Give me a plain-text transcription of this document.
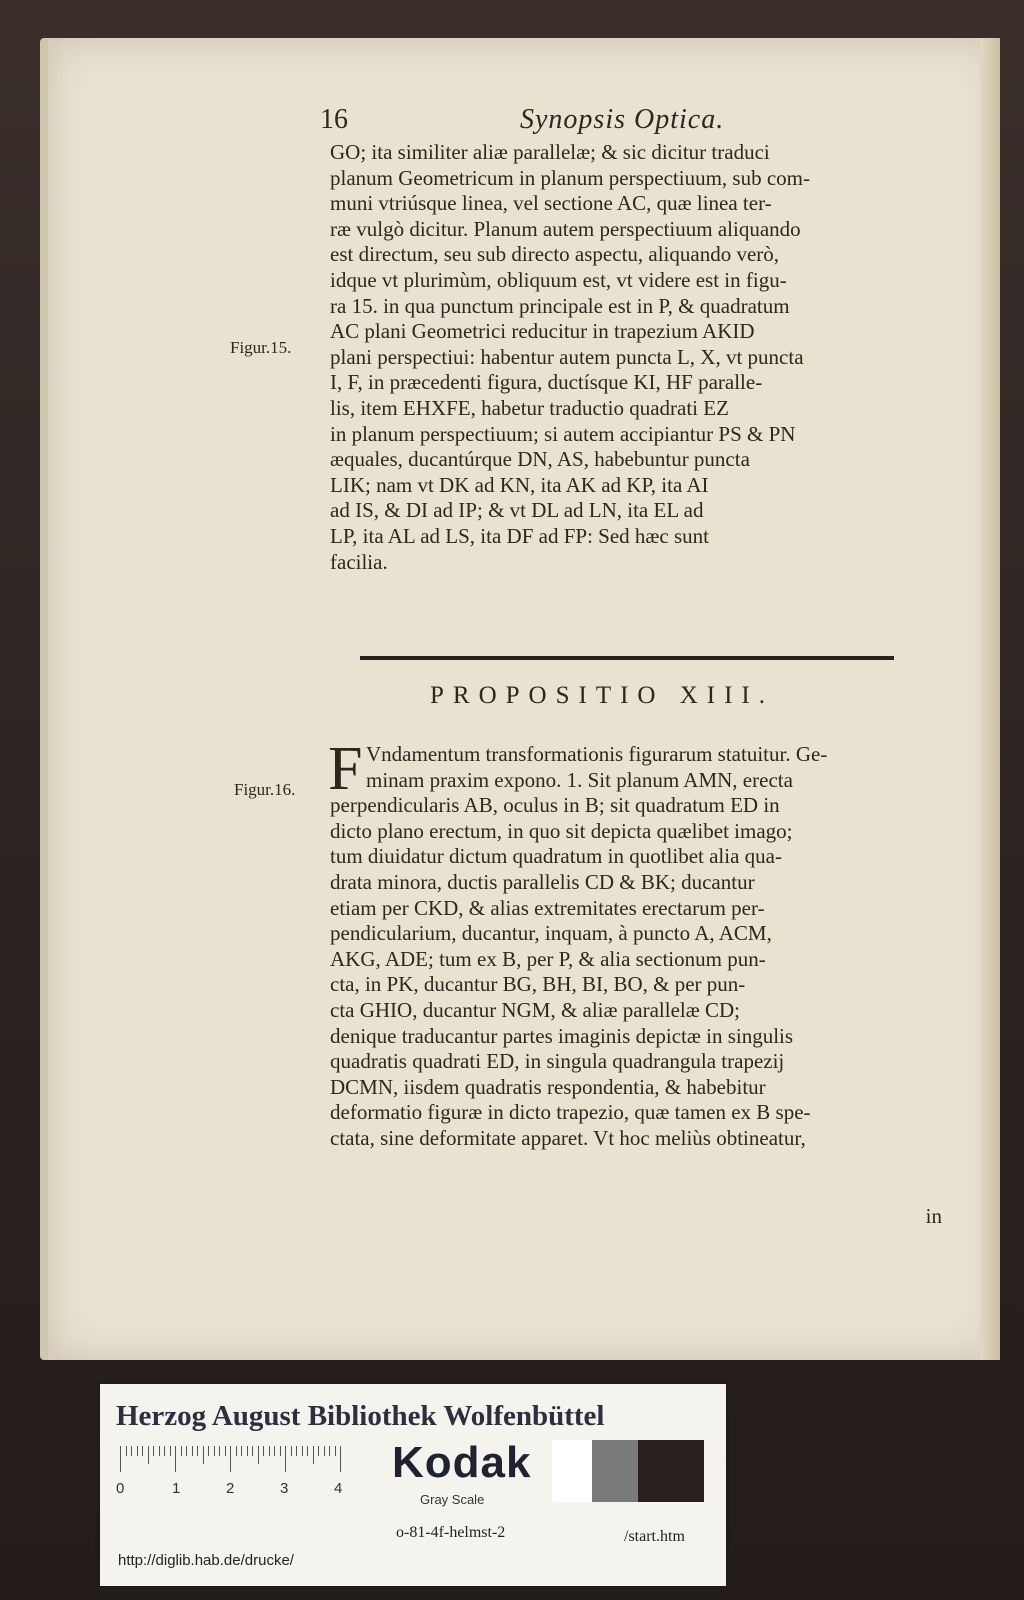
16	Synopsis Optica.
Figur.15.
Figur.16.
GO; ita similiter aliæ parallelæ; & sic dicitur traduci
planum Geometricum in planum perspectiuum, sub com-
muni vtriúsque linea, vel sectione AC, quæ linea ter-
ræ vulgò dicitur. Planum autem perspectiuum aliquando
est directum, seu sub directo aspectu, aliquando verò,
idque vt plurimùm, obliquum est, vt videre est in figu-
ra 15. in qua punctum principale est in P, & quadratum
AC plani Geometrici reducitur in trapezium AKID
plani perspectiui: habentur autem puncta L, X, vt puncta
I, F, in præcedenti figura, ductísque KI, HF paralle-
lis, item EHXFE, habetur traductio quadrati EZ
in planum perspectiuum; si autem accipiantur PS & PN
æquales, ducantúrque DN, AS, habebuntur puncta
LIK; nam vt DK ad KN, ita AK ad KP, ita AI
ad IS, & DI ad IP; & vt DL ad LN, ita EL ad
LP, ita AL ad LS, ita DF ad FP: Sed hæc sunt
facilia.
PROPOSITIO XIII.
F Vndamentum transformationis figurarum statuitur. Ge-
minam praxim expono. 1. Sit planum AMN, erecta
perpendicularis AB, oculus in B; sit quadratum ED in
dicto plano erectum, in quo sit depicta quælibet imago;
tum diuidatur dictum quadratum in quotlibet alia qua-
drata minora, ductis parallelis CD & BK; ducantur
etiam per CKD, & alias extremitates erectarum per-
pendicularium, ducantur, inquam, à puncto A, ACM,
AKG, ADE; tum ex B, per P, & alia sectionum pun-
cta, in PK, ducantur BG, BH, BI, BO, & per pun-
cta GHIO, ducantur NGM, & aliæ parallelæ CD;
denique traducantur partes imaginis depictæ in singulis
quadratis quadrati ED, in singula quadrangula trapezij
DCMN, iisdem quadratis respondentia, & habebitur
deformatio figuræ in dicto trapezio, quæ tamen ex B spe-
ctata, sine deformitate apparet. Vt hoc meliùs obtineatur,
in
Herzog August Bibliothek Wolfenbüttel
0	1	2	3	4
Kodak
Gray Scale
http://diglib.hab.de/drucke/
o-81-4f-helmst-2	/start.htm
